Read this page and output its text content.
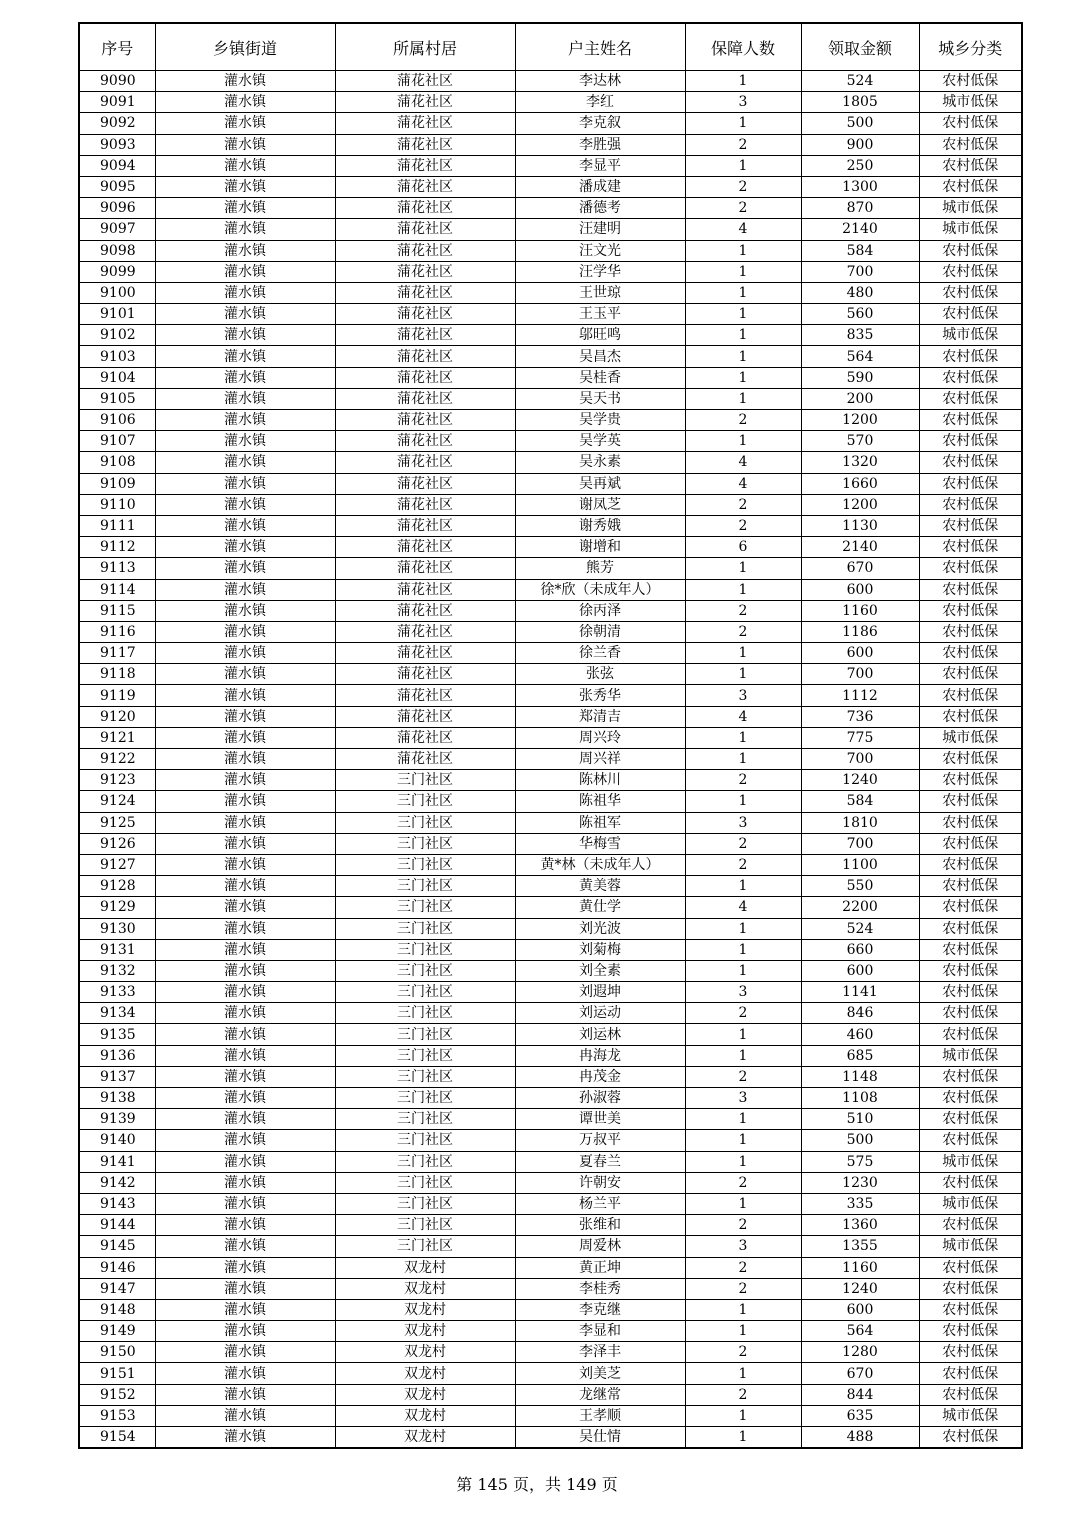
序号	乡镇街道	所属村居	户主姓名	保障人数	领取金额	城乡分类
9090	灌水镇	蒲花社区	李达林	1	524	农村低保
9091	灌水镇	蒲花社区	李红	3	1805	城市低保
9092	灌水镇	蒲花社区	李克叙	1	500	农村低保
9093	灌水镇	蒲花社区	李胜强	2	900	农村低保
9094	灌水镇	蒲花社区	李显平	1	250	农村低保
9095	灌水镇	蒲花社区	潘成建	2	1300	农村低保
9096	灌水镇	蒲花社区	潘德考	2	870	城市低保
9097	灌水镇	蒲花社区	汪建明	4	2140	城市低保
9098	灌水镇	蒲花社区	汪文光	1	584	农村低保
9099	灌水镇	蒲花社区	汪学华	1	700	农村低保
9100	灌水镇	蒲花社区	王世琼	1	480	农村低保
9101	灌水镇	蒲花社区	王玉平	1	560	农村低保
9102	灌水镇	蒲花社区	邬旺鸣	1	835	城市低保
9103	灌水镇	蒲花社区	吴昌杰	1	564	农村低保
9104	灌水镇	蒲花社区	吴桂香	1	590	农村低保
9105	灌水镇	蒲花社区	吴天书	1	200	农村低保
9106	灌水镇	蒲花社区	吴学贵	2	1200	农村低保
9107	灌水镇	蒲花社区	吴学英	1	570	农村低保
9108	灌水镇	蒲花社区	吴永素	4	1320	农村低保
9109	灌水镇	蒲花社区	吴再斌	4	1660	农村低保
9110	灌水镇	蒲花社区	谢凤芝	2	1200	农村低保
9111	灌水镇	蒲花社区	谢秀娥	2	1130	农村低保
9112	灌水镇	蒲花社区	谢增和	6	2140	农村低保
9113	灌水镇	蒲花社区	熊芳	1	670	农村低保
9114	灌水镇	蒲花社区	徐*欣（未成年人）	1	600	农村低保
9115	灌水镇	蒲花社区	徐丙泽	2	1160	农村低保
9116	灌水镇	蒲花社区	徐朝清	2	1186	农村低保
9117	灌水镇	蒲花社区	徐兰香	1	600	农村低保
9118	灌水镇	蒲花社区	张弦	1	700	农村低保
9119	灌水镇	蒲花社区	张秀华	3	1112	农村低保
9120	灌水镇	蒲花社区	郑清吉	4	736	农村低保
9121	灌水镇	蒲花社区	周兴玲	1	775	城市低保
9122	灌水镇	蒲花社区	周兴祥	1	700	农村低保
9123	灌水镇	三门社区	陈林川	2	1240	农村低保
9124	灌水镇	三门社区	陈祖华	1	584	农村低保
9125	灌水镇	三门社区	陈祖军	3	1810	农村低保
9126	灌水镇	三门社区	华梅雪	2	700	农村低保
9127	灌水镇	三门社区	黄*林（未成年人）	2	1100	农村低保
9128	灌水镇	三门社区	黄美蓉	1	550	农村低保
9129	灌水镇	三门社区	黄仕学	4	2200	农村低保
9130	灌水镇	三门社区	刘光波	1	524	农村低保
9131	灌水镇	三门社区	刘菊梅	1	660	农村低保
9132	灌水镇	三门社区	刘全素	1	600	农村低保
9133	灌水镇	三门社区	刘遐坤	3	1141	农村低保
9134	灌水镇	三门社区	刘运动	2	846	农村低保
9135	灌水镇	三门社区	刘运林	1	460	农村低保
9136	灌水镇	三门社区	冉海龙	1	685	城市低保
9137	灌水镇	三门社区	冉茂金	2	1148	农村低保
9138	灌水镇	三门社区	孙淑蓉	3	1108	农村低保
9139	灌水镇	三门社区	谭世美	1	510	农村低保
9140	灌水镇	三门社区	万叔平	1	500	农村低保
9141	灌水镇	三门社区	夏春兰	1	575	城市低保
9142	灌水镇	三门社区	许朝安	2	1230	农村低保
9143	灌水镇	三门社区	杨兰平	1	335	城市低保
9144	灌水镇	三门社区	张维和	2	1360	农村低保
9145	灌水镇	三门社区	周爱林	3	1355	城市低保
9146	灌水镇	双龙村	黄正坤	2	1160	农村低保
9147	灌水镇	双龙村	李桂秀	2	1240	农村低保
9148	灌水镇	双龙村	李克继	1	600	农村低保
9149	灌水镇	双龙村	李显和	1	564	农村低保
9150	灌水镇	双龙村	李泽丰	2	1280	农村低保
9151	灌水镇	双龙村	刘美芝	1	670	农村低保
9152	灌水镇	双龙村	龙继常	2	844	农村低保
9153	灌水镇	双龙村	王孝顺	1	635	城市低保
9154	灌水镇	双龙村	吴仕情	1	488	农村低保
第 145 页，共 149 页
